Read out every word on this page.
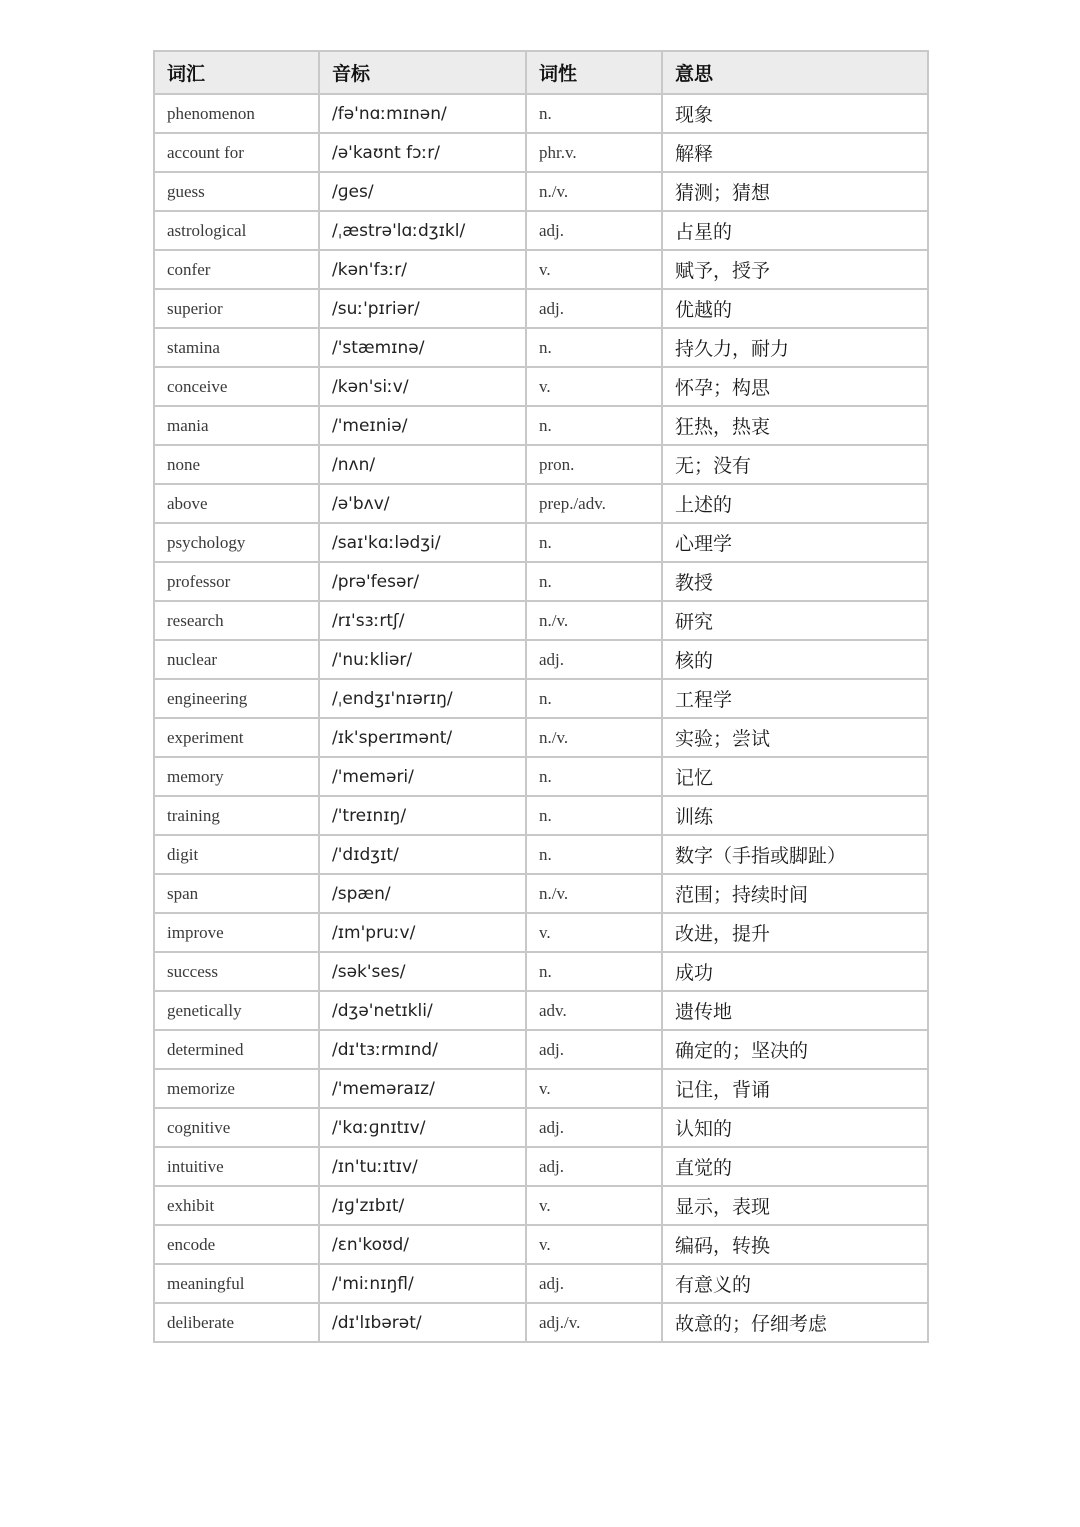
词汇	音标	词性	意思
phenomenon	/fə'nɑːmɪnən/	n.	现象
account for	/ə'kaʊnt fɔːr/	phr.v.	解释
guess	/ɡes/	n./v.	猜测；猜想
astrological	/ˌæstrə'lɑːdʒɪkl/	adj.	占星的
confer	/kən'fɜːr/	v.	赋予，授予
superior	/suː'pɪriər/	adj.	优越的
stamina	/'stæmɪnə/	n.	持久力，耐力
conceive	/kən'siːv/	v.	怀孕；构思
mania	/'meɪniə/	n.	狂热，热衷
none	/nʌn/	pron.	无；没有
above	/ə'bʌv/	prep./adv.	上述的
psychology	/saɪ'kɑːlədʒi/	n.	心理学
professor	/prə'fesər/	n.	教授
research	/rɪ'sɜːrtʃ/	n./v.	研究
nuclear	/'nuːkliər/	adj.	核的
engineering	/ˌendʒɪ'nɪərɪŋ/	n.	工程学
experiment	/ɪk'sperɪmənt/	n./v.	实验；尝试
memory	/'meməri/	n.	记忆
training	/'treɪnɪŋ/	n.	训练
digit	/'dɪdʒɪt/	n.	数字（手指或脚趾）
span	/spæn/	n./v.	范围；持续时间
improve	/ɪm'pruːv/	v.	改进，提升
success	/sək'ses/	n.	成功
genetically	/dʒə'netɪkli/	adv.	遗传地
determined	/dɪ'tɜːrmɪnd/	adj.	确定的；坚决的
memorize	/'meməraɪz/	v.	记住，背诵
cognitive	/'kɑːɡnɪtɪv/	adj.	认知的
intuitive	/ɪn'tuːɪtɪv/	adj.	直觉的
exhibit	/ɪɡ'zɪbɪt/	v.	显示，表现
encode	/ɛn'koʊd/	v.	编码，转换
meaningful	/'miːnɪŋfl/	adj.	有意义的
deliberate	/dɪ'lɪbərət/	adj./v.	故意的；仔细考虑
